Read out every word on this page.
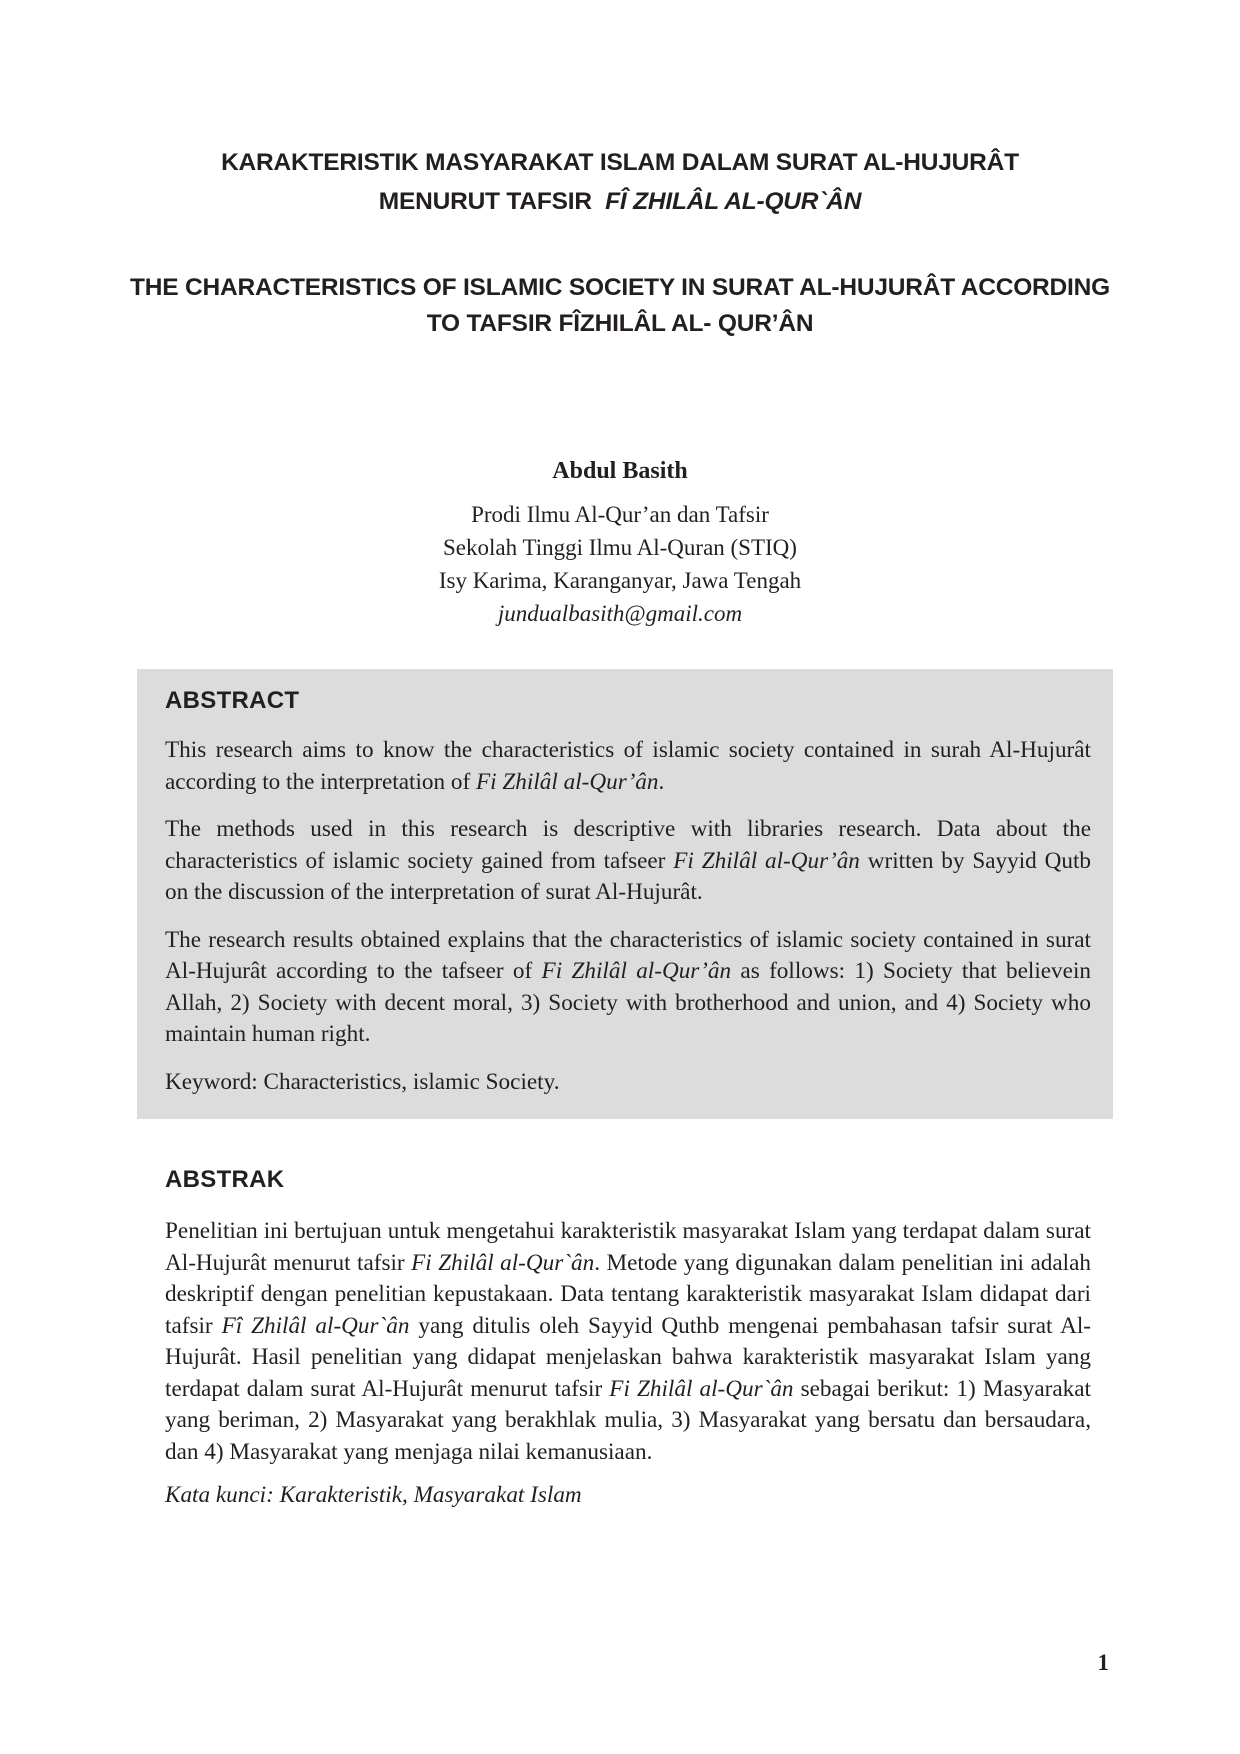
KARAKTERISTIK MASYARAKAT ISLAM DALAM SURAT AL-HUJURÂT
MENURUT TAFSIR FÎ ZHILÂL AL-QUR`ÂN
THE CHARACTERISTICS OF ISLAMIC SOCIETY IN SURAT AL-HUJURÂT ACCORDING
TO TAFSIR FÎZHILÂL AL- QUR’ÂN
Abdul Basith
Prodi Ilmu Al-Qur’an dan Tafsir
Sekolah Tinggi Ilmu Al-Quran (STIQ)
Isy Karima, Karanganyar, Jawa Tengah
jundualbasith@gmail.com
ABSTRACT

This research aims to know the characteristics of islamic society contained in surah Al-Hujurât according to the interpretation of Fi Zhilâl al-Qur’ân.

The methods used in this research is descriptive with libraries research. Data about the characteristics of islamic society gained from tafseer Fi Zhilâl al-Qur’ân written by Sayyid Qutb on the discussion of the interpretation of surat Al-Hujurât.

The research results obtained explains that the characteristics of islamic society contained in surat Al-Hujurât according to the tafseer of Fi Zhilâl al-Qur’ân as follows: 1) Society that believein Allah, 2) Society with decent moral, 3) Society with brotherhood and union, and 4) Society who maintain human right.

Keyword: Characteristics, islamic Society.

ABSTRAK

Penelitian ini bertujuan untuk mengetahui karakteristik masyarakat Islam yang terdapat dalam surat Al-Hujurât menurut tafsir Fi Zhilâl al-Qur`ân. Metode yang digunakan dalam penelitian ini adalah deskriptif dengan penelitian kepustakaan. Data tentang karakteristik masyarakat Islam didapat dari tafsir Fî Zhilâl al-Qur`ân yang ditulis oleh Sayyid Quthb mengenai pembahasan tafsir surat Al-Hujurât. Hasil penelitian yang didapat menjelaskan bahwa karakteristik masyarakat Islam yang terdapat dalam surat Al-Hujurât menurut tafsir Fi Zhilâl al-Qur`ân sebagai berikut: 1) Masyarakat yang beriman, 2) Masyarakat yang berakhlak mulia, 3) Masyarakat yang bersatu dan bersaudara, dan 4) Masyarakat yang menjaga nilai kemanusiaan.

Kata kunci: Karakteristik, Masyarakat Islam
1
